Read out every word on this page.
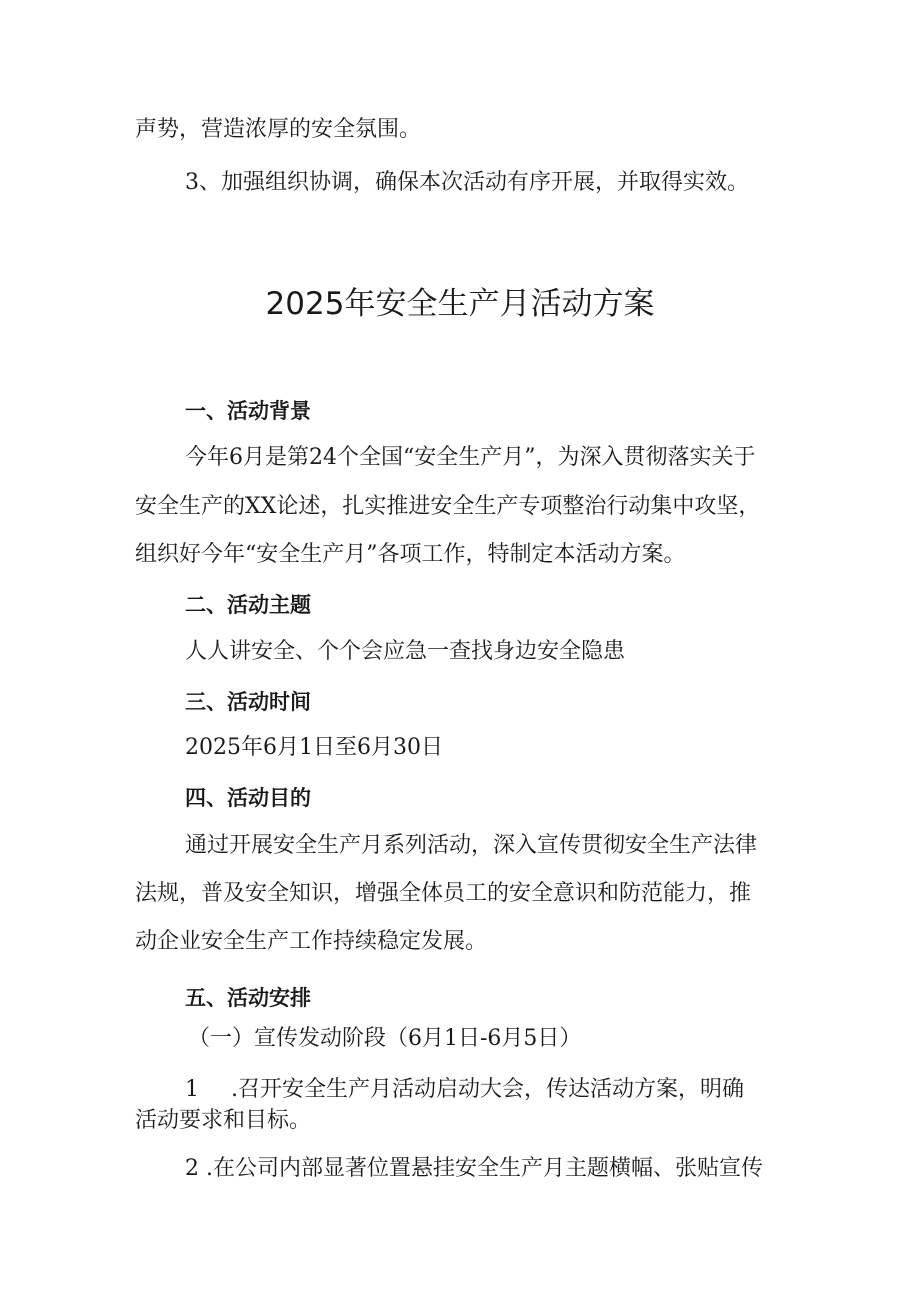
声势，营造浓厚的安全氛围。
3、加强组织协调，确保本次活动有序开展，并取得实效。
2025年安全生产月活动方案
一、活动背景
今年6月是第24个全国“安全生产月”，为深入贯彻落实关于
安全生产的XX论述，扎实推进安全生产专项整治行动集中攻坚，
组织好今年“安全生产月”各项工作，特制定本活动方案。
二、活动主题
人人讲安全、个个会应急一查找身边安全隐患
三、活动时间
2025年6月1日至6月30日
四、活动目的
通过开展安全生产月系列活动，深入宣传贯彻安全生产法律
法规，普及安全知识，增强全体员工的安全意识和防范能力，推
动企业安全生产工作持续稳定发展。
五、活动安排
（一）宣传发动阶段（6月1日-6月5日）
1 .召开安全生产月活动启动大会，传达活动方案，明确
活动要求和目标。
2 .在公司内部显著位置悬挂安全生产月主题横幅、张贴宣传
